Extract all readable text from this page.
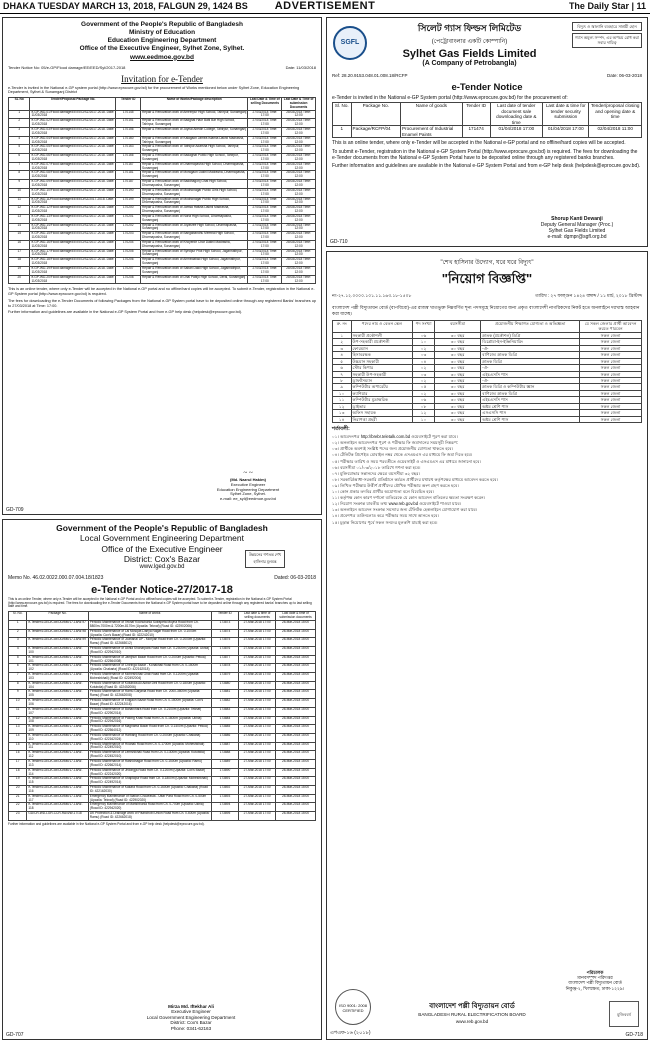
DHAKA TUESDAY MARCH 13, 2018, FALGUN 29, 1424 BS	ADVERTISEMENT	The Daily Star | 11
Government of the People's Republic of Bangladesh
Ministry of Education
Education Engineering Department
Office of the Executive Engineer, Sylhet Zone, Sylhet.
www.eedmoe.gov.bd
Tender Notice No: 05/e-GP/Flood damage/EE/EED/Syl/2017-2018	Date: 11/03/2018
Invitation for e-Tender
e-Tender is invited in the National e-GP system portal (http://www.eprocure.gov.bd) for the procurement of Works mentioned below under Sylhet Zone, Education Engineering Department, Sylhet & Sunamganj District
SL No	Tender/Proposal Package No.	Tender ID	Name of Works/Package description	Last Date & Time of selling Documents	Last Date & Time of submission Documents
1	e-GP-WD-01/Flood damage/EE/EED/SZ/2017-2018. Date: 11/03/2018	170145	Repair & Renovation work of Ameerpur High School, Tahirpur, Sunamganj	27/03/2018 Time: 17:00	28/03/2018 Time: 12:00
2	e-GP-WD-02/Flood damage/EE/EED/SZ/2017-2018. Date: 11/03/2018	170151	Repair & Renovation work of Badghat Haor Balti Bar High School, Tahirpur, Sunamganj	27/03/2018 Time: 17:00	28/03/2018 Time: 12:00
3	e-GP-WD-03/Flood damage/EE/EED/SZ/2017-2018. Date: 11/03/2018	170156	Repair & Renovation work of Joynal Abedin College, Tahirpur, Sunamganj	27/03/2018 Time: 17:00	28/03/2018 Time: 12:00
4	e-GP-WD-04/Flood damage/EE/EED/SZ/2017-2018. Date: 11/03/2018	170160	Repair & Renovation work of Kalagaon Jamea Islamia Dakhil Madrasha, Tahirpur, Sunamganj	27/03/2018 Time: 17:00	28/03/2018 Time: 12:00
5	e-GP-WD-05/Flood damage/EE/EED/SZ/2017-2018. Date: 11/03/2018	170163	Repair & Renovation work of Tathipur Adarsha High School, Tahirpur, Sunamganj	27/03/2018 Time: 17:00	28/03/2018 Time: 12:00
6	e-GP-WD-06/Flood damage/EE/EED/SZ/2017-2018. Date: 11/03/2018	170166	Repair & Renovation work of Badaghat Public High School, Tahirpur, Sunamganj	27/03/2018 Time: 17:00	28/03/2018 Time: 12:00
7	e-GP-WD-07/Flood damage/EE/EED/SZ/2017-2018. Date: 11/03/2018	170167	Repair & Renovation work of Dharmapasha High School, Dharmapasha, Sunamganj	27/03/2018 Time: 17:00	28/03/2018 Time: 12:00
8	e-GP-WD-08/Flood damage/EE/EED/SZ/2017-2018. Date: 11/03/2018	170181	Repair & Renovation work of Moragaon Dakhil Madrasha, Dharmapasha, Sunamganj	27/03/2018 Time: 17:00	28/03/2018 Time: 12:00
9	e-GP-WD-09/Flood damage/EE/EED/SZ/2017-2018. Date: 11/03/2018	170187	Repair & Renovation work of Baddhagonj Ghat High School, Dharmapasha, Sunamganj	27/03/2018 Time: 17:00	28/03/2018 Time: 12:00
10	e-GP-WD-10/Flood damage/EE/EED/SZ/2017-2018. Date: 11/03/2018	170190	Repair & Renovation work of Modhonagar Public Girls High School, Dharmapasha, Sunamganj	27/03/2018 Time: 17:00	28/03/2018 Time: 12:00
11	e-GP-WD-11/Flood damage/EE/EED/SZ/2017-2018. Date: 11/03/2018	170199	Repair & Renovation work of Modhonagar Public High School, Dharmapasha, Sunamganj	27/03/2018 Time: 17:00	28/03/2018 Time: 12:00
12	e-GP-WD-12/Flood damage/EE/EED/SZ/2017-2018. Date: 11/03/2018	170200	Repair & Renovation work of Jamsa Hafizia Dakhil Madrasha, Dharmapasha, Sunamganj	27/03/2018 Time: 17:00	28/03/2018 Time: 12:00
13	e-GP-WD-13/Flood damage/EE/EED/SZ/2017-2018. Date: 11/03/2018	170201	Repair & Renovation work of Noria High School, Dharmapasha, Sunamganj	27/03/2018 Time: 17:00	28/03/2018 Time: 12:00
14	e-GP-WD-14/Flood damage/EE/EED/SZ/2017-2018. Date: 11/03/2018	170202	Repair & Renovation work of Joyasree High School, Dharmapasha, Sunamganj	27/03/2018 Time: 17:00	28/03/2018 Time: 12:00
15	e-GP-WD-15/Flood damage/EE/EED/SZ/2017-2018. Date: 11/03/2018	170203	Repair & Renovation work of Bangabandhu Memrial High School, Dharmapasha, Sunamganj	27/03/2018 Time: 17:00	28/03/2018 Time: 12:00
16	e-GP-WD-16/Flood damage/EE/EED/SZ/2017-2018. Date: 11/03/2018	170204	Repair & Renovation work of Khoyerdir Char Dakhil Madrasha, Dharmapasha, Sunamganj	27/03/2018 Time: 17:00	28/03/2018 Time: 12:00
17	e-GP-WD-17/Flood damage/EE/EED/SZ/2017-2018. Date: 11/03/2018	170205	Repair & Renovation work of Syedpur Pilot High School, Jagannathpur, Sunamganj	27/03/2018 Time: 17:00	28/03/2018 Time: 12:00
18	e-GP-WD-18/Flood damage/EE/EED/SZ/2017-2018. Date: 11/03/2018	170206	Repair & Renovation work of Ahmedabad High School, Jagannathpur, Sunamganj	27/03/2018 Time: 17:00	28/03/2018 Time: 12:00
19	e-GP-WD-19/Flood damage/EE/EED/SZ/2017-2018. Date: 11/03/2018	170207	Repair & Renovation work of Sabari Dakil High School, Jagannathpur, Sunamganj	27/03/2018 Time: 17:00	28/03/2018 Time: 12:00
20	e-GP-WD-20/Flood damage/EE/EED/SZ/2017-2018. Date: 11/03/2018	170208	Repair & Renovation work of Dhal Pabijo High School, Derai, Sunamganj	27/03/2018 Time: 17:00	28/03/2018 Time: 12:00
This is an online tender, where only e-Tender will be accepted in the National e-GP portal and no offline/hard copies will be accepted. To submit e-Tender, registration in the National e-GP System portal (http://www.eprocure.gov.bd) is required.
The fees for downloading the e-Tender Documents of following Packages from the National e-GP System portal have to be deposited online through any registered Banks' branches up to 27/03/2018 at Time: 17:00.
Further information and guidelines are available in the National e-GP System Portal and from e-GP help desk (helpdesk@eprocure.gov.bd).
~ ~
(Md. Nazrul Hakim)
Executive Engineer
Education Engineering Department
Sylhet Zone, Sylhet.
e-mail: ee_syl@eedmoe.gov.bd
GD-709
SGFL
বিদ্যুৎ ও জ্বালানি ব্যবহারে সাশ্রয়ী হোন
গ্যাস অমূল্য সম্পদ, এর অপচয় রোধ করা সবার দায়িত্ব
সিলেট গ্যাস ফিল্ডস লিমিটেড
(পেট্রোবাংলার একটি কোম্পানি)
Sylhet Gas Fields Limited
(A Company of Petrobangla)
Ref: 28.20.9153.048.01.008.18/RCFP	Date: 06-03-2018
e-Tender Notice
e-Tender is invited in the National e-GP System portal (http://www.eprocure.gov.bd) for the procurement of:
Sl. No.	Package No.	Name of goods	Tender ID	Last date of tender document sale downloading date & time	Last date & time for tender security submission	Tender/proposal closing and opening date & time
1	Package/RCFP/04	Procurement of Industrial Enamel Paints	171474	01/04/2018 17:00	01/04/2018 17:00	02/04/2018 11:00
This is an online tender, where only e-Tender will be accepted in the National e-GP portal and no offline/hard copies will be accepted.
To submit e-Tender, registration in the National e-GP System Portal (http://www.eprocure.gov.bd) is required. The fees for downloading the e-Tender documents from the National e-GP System Portal have to be deposited online through any registered banks branches.
Further information and guidelines are available in the National e-GP System Portal and from e-GP help desk (helpdesk@eprocure.gov.bd).
Shorup Kanti Dewanji
Deputy General Manager (Proc.)
Sylhet Gas Fields Limited
e-mail: dgmpr@sgfl.org.bd
GD-710
উন্নয়নের গণতন্ত্র শেখ হাসিনার মূলমন্ত্র
Government of the People's Republic of Bangladesh
Local Government Engineering Department
Office of the Executive Engineer
District: Cox's Bazar
www.lged.gov.bd
Memo No. 46.02.0022.000.07.004.18/1823	Dated: 06-03-2018
e-Tender Notice-27/2017-18
This is an online Tender, where only e-Tender will be accepted in the National e-GP Portal and no offline/hard copies will be accepted. To submit e-Tender, registration in the National e-GP System Portal (http://www.eprocure.gov.bd) is required. The fees for downloading the e-Tender Documents from the National e-GP System portal have to be deposited online through any registered banks' branches up to last selling date and time.
Sl. No.	Package No.	Name of works	Tender ID	Last date & time of selling documents	Last date & time of submission documents
1	e-Tender/LGED/Cox/OD/BM/17-18/W-97	Periodic Maintenance of Teknaf Kochubunia Sutrapeta Moyna Road from Ch. 5800m-7000m & 7200m-8170m (Upazila: Teknaf) (Road ID: 422902006)	173873	27-Mar-2018 17:00	28-Mar-2018 15:00
2	e-Tender/LGED/Cox/OD/BM/17-18/W-98	Periodic Maintenance of Lal Mosque-Dariya Nagar Road from Ch. 0-1000m (Upazila: Cox's Bazar) (Road ID: 422242010)	173874	27-Mar-2018 17:00	28-Mar-2018 15:00
3	e-Tender/LGED/Cox/OD/BM/17-18/W-99	Periodic Maintenance of Joarianal UP - Moriyan Road from Ch. 0-2000m (Upazila: Ramu) (Road ID: 422665012)	173875	27-Mar-2018 17:00	28-Mar-2018 15:00
4	e-Tender/LGED/Cox/OD/BM/17-18/W-100	Periodic Maintenance of Ukhia Shonarpara Road from Ch. 0-2300m (Upazila: Ukhia) (Road ID: 422942010)	173876	27-Mar-2018 17:00	28-Mar-2018 15:00
5	e-Tender/LGED/Cox/OD/BM/17-18/W-101	Periodic Maintenance of Jamjhuri Bazar Road from Ch. 0-2000m (Upazila: Pekua) (Road ID: 422564008)	173877	27-Mar-2018 17:00	28-Mar-2018 15:00
6	e-Tender/LGED/Cox/OD/BM/17-18/W-102	Periodic Maintenance of Chiringa Bazar - Konakhali Road from Ch. 0-1500m (Upazila: Chakaria) (Road ID: 422162018)	173878	27-Mar-2018 17:00	28-Mar-2018 15:00
7	e-Tender/LGED/Cox/OD/BM/17-18/W-103	Periodic Maintenance of Moheshkhali Ghat Road from Ch. 0-1200m (Upazila: Moheshkhali) (Road ID: 422492004)	173879	27-Mar-2018 17:00	28-Mar-2018 15:00
8	e-Tender/LGED/Cox/OD/BM/17-18/W-104	Periodic Maintenance of Kutubdia Ali Akbar Deil Road from Ch. 0-1800m (Upazila: Kutubdia) (Road ID: 422452006)	173880	27-Mar-2018 17:00	28-Mar-2018 15:00
9	e-Tender/LGED/Cox/OD/BM/17-18/W-105	Periodic Maintenance of Ramu Garjania Road from Ch. 2000-3500m (Upazila: Ramu) (Road ID: 422662008)	173881	27-Mar-2018 17:00	28-Mar-2018 15:00
10	e-Tender/LGED/Cox/OD/BM/17-18/W-106	Periodic Maintenance of Eidgaon Bazar Road from Ch. 0-1500m (Upazila: Cox's Bazar) (Road ID: 422242016)	173882	27-Mar-2018 17:00	28-Mar-2018 15:00
11	e-Tender/LGED/Cox/OD/BM/17-18/W-107	Periodic Maintenance of Baharchara Road from Ch. 0-2100m (Upazila: Teknaf) (Road ID: 422902014)	173883	27-Mar-2018 17:00	28-Mar-2018 15:00
12	e-Tender/LGED/Cox/OD/BM/17-18/W-108	Periodic Maintenance of Palong Khali Road from Ch. 0-1600m (Upazila: Ukhia) (Road ID: 422942016)	173884	27-Mar-2018 17:00	28-Mar-2018 15:00
13	e-Tender/LGED/Cox/OD/BM/17-18/W-109	Periodic Maintenance of Magnama Bazar Road from Ch. 0-1400m (Upazila: Pekua) (Road ID: 422564012)	173885	27-Mar-2018 17:00	28-Mar-2018 15:00
14	e-Tender/LGED/Cox/OD/BM/17-18/W-110	Periodic Maintenance of Harbang Road from Ch. 0-2000m (Upazila: Chakaria) (Road ID: 422162024)	173886	27-Mar-2018 17:00	28-Mar-2018 15:00
15	e-Tender/LGED/Cox/OD/BM/17-18/W-111	Periodic Maintenance of Hoanak Road from Ch. 0-1700m (Upazila: Moheshkhali) (Road ID: 422492010)	173887	27-Mar-2018 17:00	28-Mar-2018 15:00
16	e-Tender/LGED/Cox/OD/BM/17-18/W-112	Periodic Maintenance of Lemshikhali Road from Ch. 0-1300m (Upazila: Kutubdia) (Road ID: 422452010)	173888	27-Mar-2018 17:00	28-Mar-2018 15:00
17	e-Tender/LGED/Cox/OD/BM/17-18/W-113	Periodic Maintenance of Rashidnagar Road from Ch. 0-1500m (Upazila: Ramu) (Road ID: 422662014)	173889	27-Mar-2018 17:00	28-Mar-2018 15:00
18	e-Tender/LGED/Cox/OD/BM/17-18/W-114	Periodic Maintenance of Jhilongja Road from Ch. 0-1200m (Upazila: Cox's Bazar) (Road ID: 422242020)	173890	27-Mar-2018 17:00	28-Mar-2018 15:00
19	e-Tender/LGED/Cox/OD/BM/17-18/W-115	Periodic Maintenance of Shaplapur Road from Ch. 0-1800m (Upazila: Moheshkhali) (Road ID: 422492014)	173891	27-Mar-2018 17:00	28-Mar-2018 15:00
20	e-Tender/LGED/Cox/OD/BM/17-18/W-116	Periodic Maintenance of Kakara Road from Ch. 0-1600m (Upazila: Chakaria) (Road ID: 422162030)	173892	27-Mar-2018 17:00	28-Mar-2018 15:00
21	e-Tender/LGED/Cox/OD/BM/17-18/W-117	Emergency Maintenance of Station Chowrasta - Uttar Para Road from Ch. 0-500m (Upazila: Teknaf) (Road ID: 422902020)	173893	27-Mar-2018 17:00	28-Mar-2018 15:00
22	e-Tender/LGED/Cox/OD/BM/17-18/W-118	Emergency Maintenance of Marishbunia Road from Ch. 0-700m (Upazila: Ukhia) (Road ID: 422942020)	173894	27-Mar-2018 17:00	28-Mar-2018 15:00
23	GD/CR-WD-LGR-CCR-RA/4/W-17/18	UK Protection & Drainage work of Paanchobi Union Road from Ch. 0-600m (Upazila: Ramu) (Road ID: 422662018)	173895	27-Mar-2018 17:00	28-Mar-2018 15:00
Further information and guidelines are available in the National e-GP System Portal and from e-GP help desk (helpdesk@eprocure.gov.bd).
Mirza Md. Iftekhar Ali
Executive Engineer
Local Government Engineering Department
District: Cox's Bazar
Phone: 0341-62163
GD-707
"শেখ হাসিনার উদ্যোগ, ঘরে ঘরে বিদ্যুৎ"
"নিয়োগ বিজ্ঞপ্তি"
নং-২৭.১২.০০০০.১০১.১১.১৬৩.১৮-১৫০৮	তারিখ : ২৭ ফাল্গুন ১৪২৪ বঙ্গাব্দ / ১১ মার্চ, ২০১৮ খ্রিস্টাব্দ
বাংলাদেশ পল্লী বিদ্যুতায়ন বোর্ড (বাপবিবো)-এর রাজস্ব খাতভুক্ত নিম্নবর্ণিত শূন্য পদসমূহে নিয়োগের জন্য প্রকৃত বাংলাদেশী নাগরিকদের নিকট হতে অনলাইনে দরখাস্ত আহবান করা যাচ্ছে।
ক্র. নং	পদের নাম ও বেতন স্কেল	পদ সংখ্যা	বয়সসীমা	প্রয়োজনীয় শিক্ষাগত যোগ্যতা ও অভিজ্ঞতা	যে সকল জেলার প্রার্থী আবেদন করতে পারবেন
১	সহকারী প্রকৌশলী	০৬	৩০ বছর	স্নাতক (প্রকৌশল) ডিগ্রি	সকল জেলা
২	উপ-সহকারী প্রকৌশলী	১০	৩০ বছর	ডিপ্লোমা-ইন-ইঞ্জিনিয়ারিং	সকল জেলা
৩	ফোরম্যান	০২	৩০ বছর	-ঐ-	সকল জেলা
৪	হিসাবরক্ষক	০৩	৩০ বছর	বাণিজ্যে স্নাতক ডিগ্রি	সকল জেলা
৫	উচ্চমান সহকারী	০৪	৩০ বছর	স্নাতক ডিগ্রি	সকল জেলা
৬	স্টোর কিপার	০২	৩০ বছর	-ঐ-	সকল জেলা
৭	সহকারী উপ-সহকারী	০৩	৩০ বছর	এইচএসসি পাস	সকল জেলা
৮	ড্রাফটসম্যান	০২	৩০ বছর	-ঐ-	সকল জেলা
৯	কম্পিউটার অপারেটর	০৫	৩০ বছর	স্নাতক ডিগ্রি ও কম্পিউটার জ্ঞান	সকল জেলা
১০	ক্যাশিয়ার	০২	৩০ বছর	বাণিজ্যে স্নাতক ডিগ্রি	সকল জেলা
১১	কম্পিউটার মুদ্রাক্ষরিক	০৬	৩০ বছর	এইচএসসি পাস	সকল জেলা
১২	ড্রাইভার	০৮	৩০ বছর	অষ্টম শ্রেণি পাস	সকল জেলা
১৩	অফিস সহায়ক	১২	৩০ বছর	এসএসসি পাস	সকল জেলা
১৪	নিরাপত্তা প্রহরী	১০	৩০ বছর	অষ্টম শ্রেণি পাস	সকল জেলা
শর্তাবলী:
০১। আবেদনপত্র http://brebr.teletalk.com.bd ওয়েবসাইটে পূরণ করা যাবে।
০২। অনলাইনে আবেদনপত্র পূরণ ও পরীক্ষার ফি জমাদানের সময়সূচী নিম্নরূপ:
০৩। প্রার্থীকে অবশ্যই সংশ্লিষ্ট পদের জন্য প্রয়োজনীয় যোগ্যতা থাকতে হবে।
০৪। টেলিটক প্রিপেইড মোবাইল নম্বর থেকে এসএমএস এর মাধ্যমে ফি জমা দিতে হবে।
০৫। পরীক্ষার তারিখ ও সময় পরবর্তীতে ওয়েবসাইট ও এসএমএস এর মাধ্যমে জানানো হবে।
০৬। বয়সসীমা ০১/০৩/২০১৮ তারিখে গণনা করা হবে।
০৭। মুক্তিযোদ্ধার সন্তানদের ক্ষেত্রে বয়সসীমা ৩২ বছর।
০৮। সরকারি/আধা-সরকারি প্রতিষ্ঠানে কর্মরত প্রার্থীদের যথাযথ কর্তৃপক্ষের মাধ্যমে আবেদন করতে হবে।
০৯। লিখিত পরীক্ষায় উত্তীর্ণ প্রার্থীদের মৌখিক পরীক্ষায় অংশ গ্রহণ করতে হবে।
১০। কোন প্রকার তদবির প্রার্থীর অযোগ্যতা বলে বিবেচিত হবে।
১১। কর্তৃপক্ষ কোন কারণ দর্শানো ব্যতিরেকে যে কোন আবেদন বাতিলের ক্ষমতা সংরক্ষণ করেন।
১২। নিয়োগ সংক্রান্ত যাবতীয় তথ্য www.reb.gov.bd ওয়েবসাইটে পাওয়া যাবে।
১৩। অনলাইনে আবেদন সংক্রান্ত সমস্যার জন্য টেলিটক হেল্পলাইনে যোগাযোগ করা যাবে।
১৪। প্রবেশপত্র ডাউনলোড করে পরীক্ষার সময় সাথে আনতে হবে।
১৫। চূড়ান্ত নিয়োগের পূর্বে সকল সনদের মূলকপি যাচাই করা হবে।
ISO 9001: 2008 CERTIFIED
বাংলাদেশ পল্লী বিদ্যুতায়ন বোর্ড
BANGLADESH RURAL ELECTRIFICATION BOARD
www.reb.gov.bd
পরিচালক
মানবসম্পদ পরিদপ্তর
বাংলাদেশ পল্লী বিদ্যুতায়ন বোর্ড
নিকুঞ্জ-২, খিলক্ষেত, ঢাকা-১২২৯।
মুজিববর্ষ
GD-718
এপএফ-১৬ (২০১৮)
